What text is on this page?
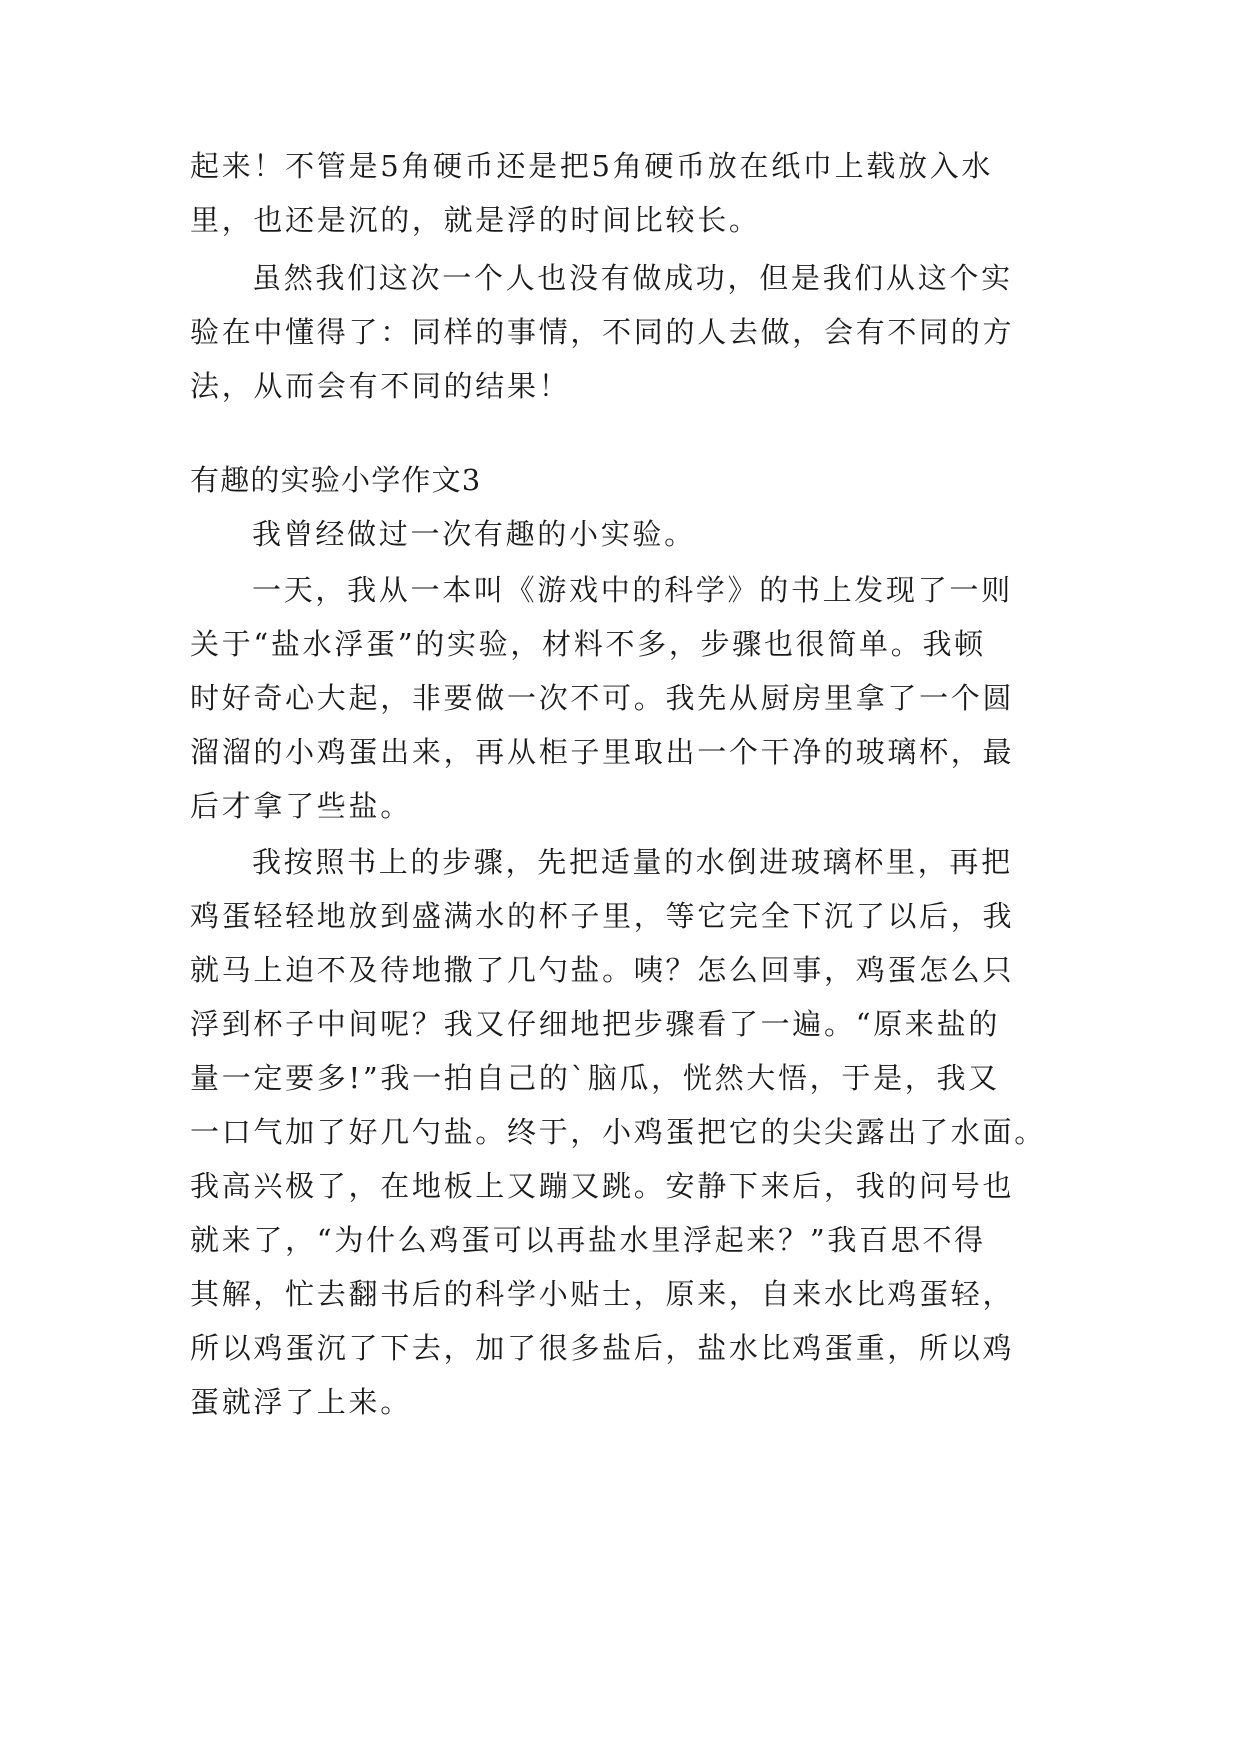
起来！不管是5角硬币还是把5角硬币放在纸巾上载放入水
里，也还是沉的，就是浮的时间比较长。
虽然我们这次一个人也没有做成功，但是我们从这个实
验在中懂得了：同样的事情，不同的人去做，会有不同的方
法，从而会有不同的结果！
有趣的实验小学作文3
我曾经做过一次有趣的小实验。
一天，我从一本叫《游戏中的科学》的书上发现了一则
关于“盐水浮蛋”的实验，材料不多，步骤也很简单。我顿
时好奇心大起，非要做一次不可。我先从厨房里拿了一个圆
溜溜的小鸡蛋出来，再从柜子里取出一个干净的玻璃杯，最
后才拿了些盐。
我按照书上的步骤，先把适量的水倒进玻璃杯里，再把
鸡蛋轻轻地放到盛满水的杯子里，等它完全下沉了以后，我
就马上迫不及待地撒了几勺盐。咦？怎么回事，鸡蛋怎么只
浮到杯子中间呢？我又仔细地把步骤看了一遍。“原来盐的
量一定要多!”我一拍自己的`脑瓜，恍然大悟，于是，我又
一口气加了好几勺盐。终于，小鸡蛋把它的尖尖露出了水面。
我高兴极了，在地板上又蹦又跳。安静下来后，我的问号也
就来了，“为什么鸡蛋可以再盐水里浮起来？”我百思不得
其解，忙去翻书后的科学小贴士，原来，自来水比鸡蛋轻，
所以鸡蛋沉了下去，加了很多盐后，盐水比鸡蛋重，所以鸡
蛋就浮了上来。
